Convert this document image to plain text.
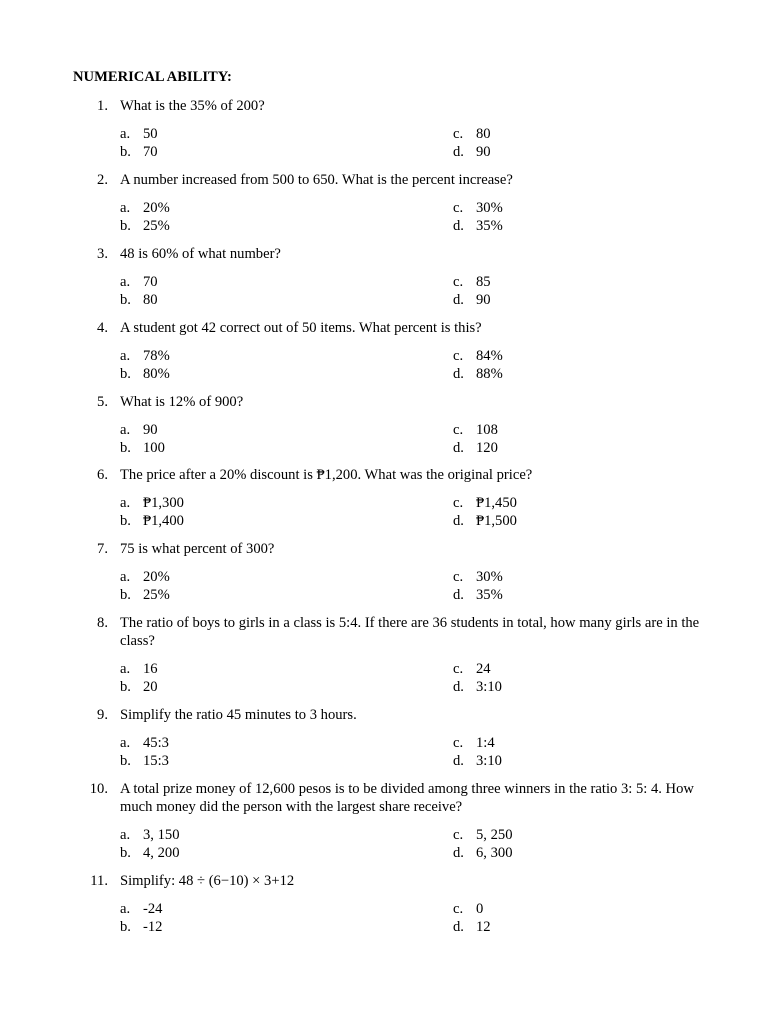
NUMERICAL ABILITY:
1. What is the 35% of 200?
a. 50
b. 70
c. 80
d. 90
2. A number increased from 500 to 650. What is the percent increase?
a. 20%
b. 25%
c. 30%
d. 35%
3. 48 is 60% of what number?
a. 70
b. 80
c. 85
d. 90
4. A student got 42 correct out of 50 items. What percent is this?
a. 78%
b. 80%
c. 84%
d. 88%
5. What is 12% of 900?
a. 90
b. 100
c. 108
d. 120
6. The price after a 20% discount is ₱1,200. What was the original price?
a. ₱1,300
b. ₱1,400
c. ₱1,450
d. ₱1,500
7. 75 is what percent of 300?
a. 20%
b. 25%
c. 30%
d. 35%
8. The ratio of boys to girls in a class is 5:4. If there are 36 students in total, how many girls are in the class?
a. 16
b. 20
c. 24
d. 3:10
9. Simplify the ratio 45 minutes to 3 hours.
a. 45:3
b. 15:3
c. 1:4
d. 3:10
10. A total prize money of 12,600 pesos is to be divided among three winners in the ratio 3: 5: 4. How much money did the person with the largest share receive?
a. 3, 150
b. 4, 200
c. 5, 250
d. 6, 300
11. Simplify: 48 ÷ (6−10) × 3+12
a. -24
b. -12
c. 0
d. 12
